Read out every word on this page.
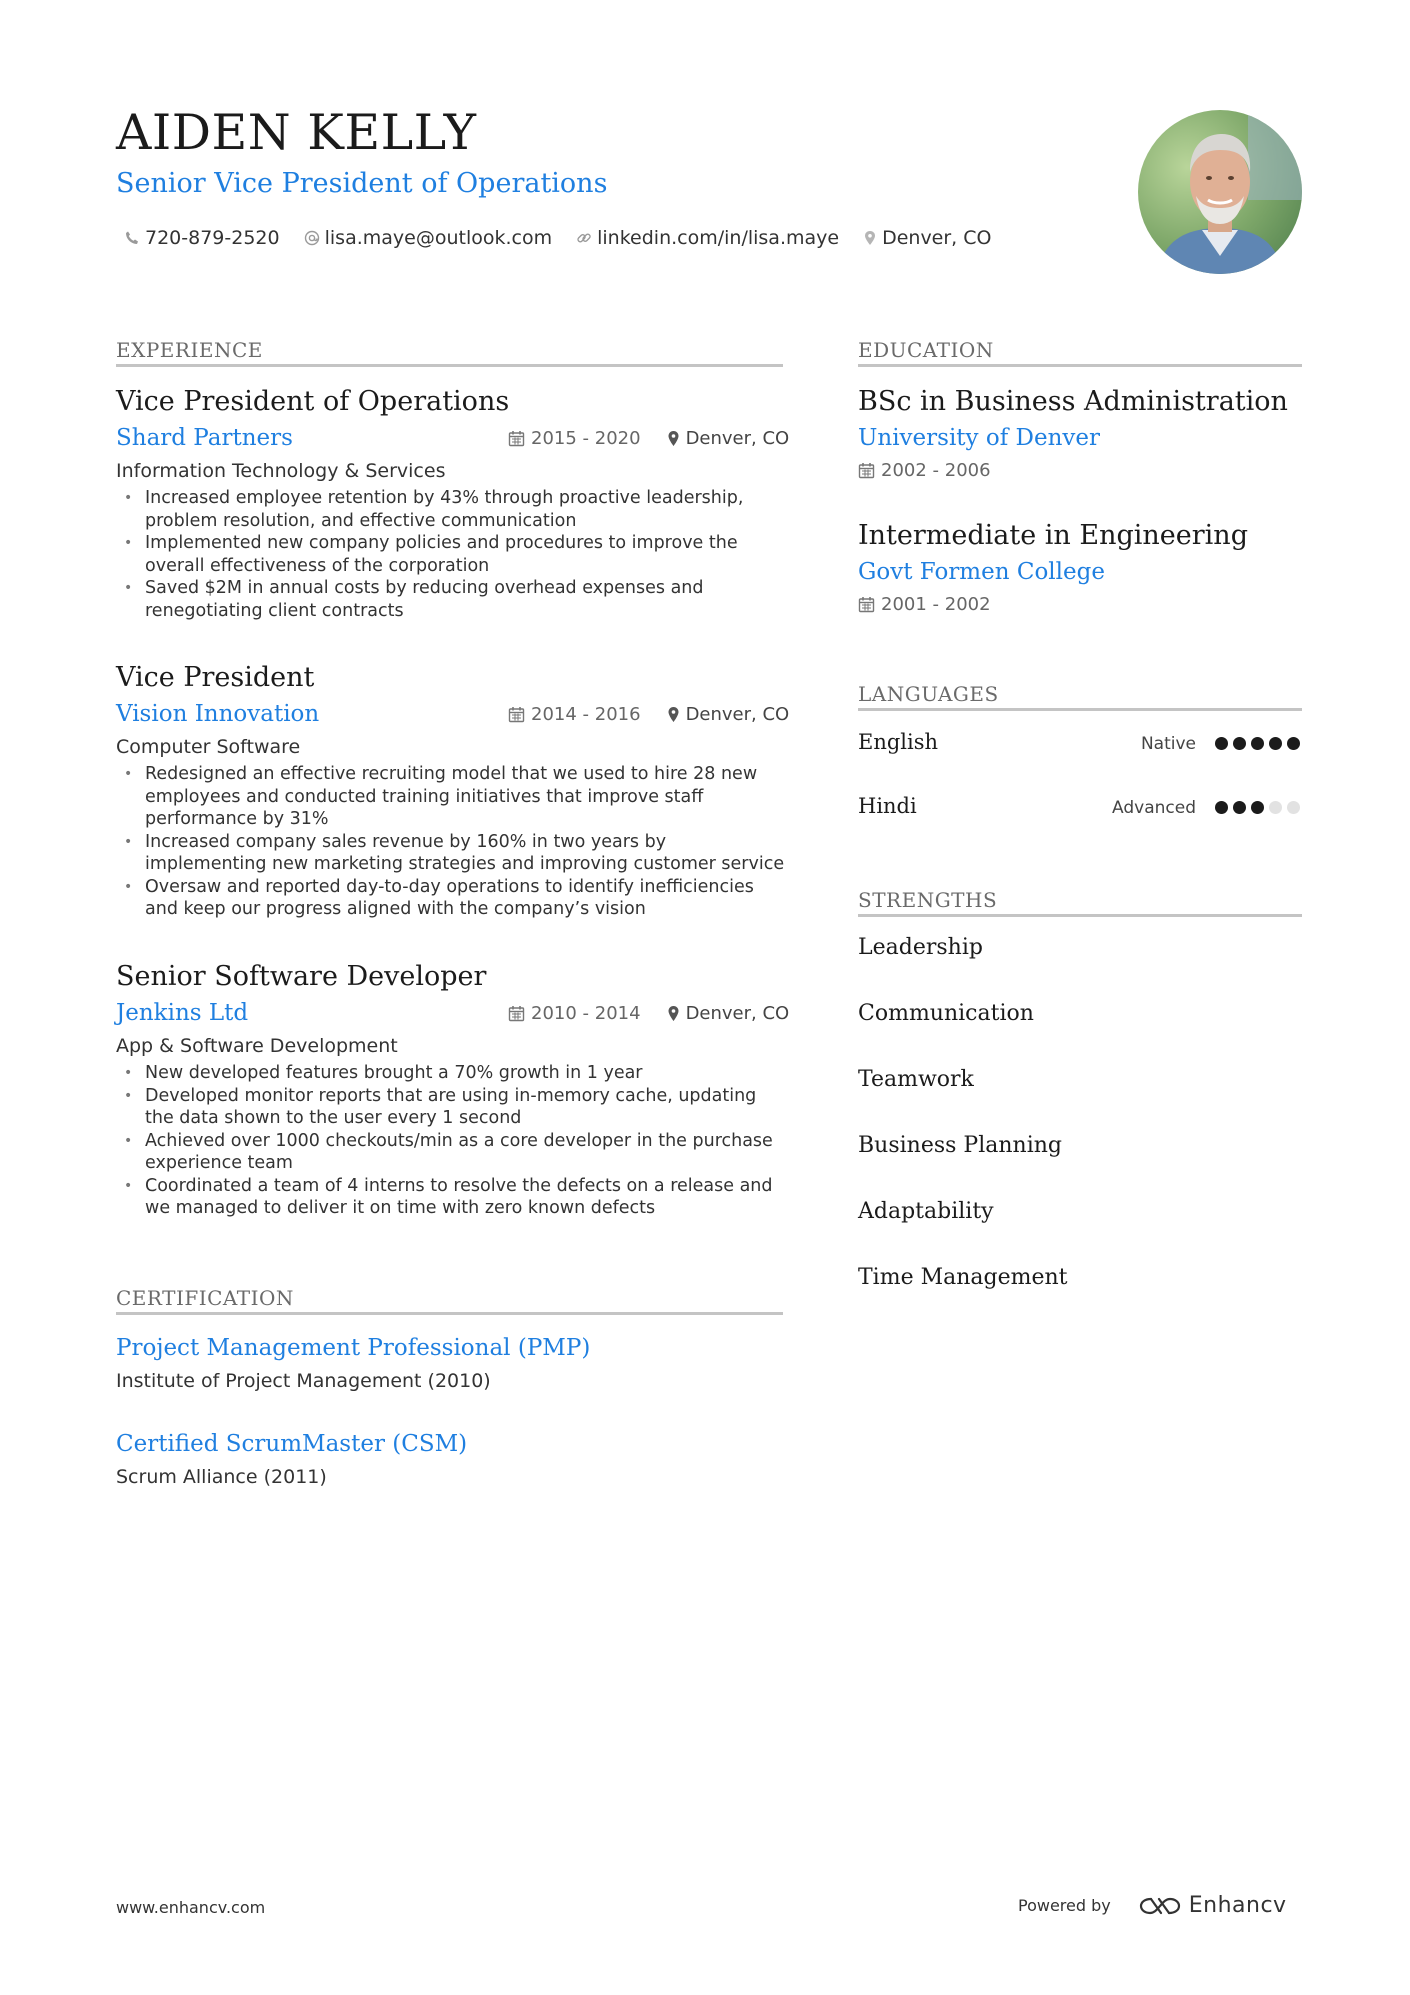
AIDEN KELLY
Senior Vice President of Operations
720-879-2520 lisa.maye@outlook.com linkedin.com/in/lisa.maye Denver, CO
EXPERIENCE
Vice President of Operations
Shard Partners	2015 - 2020	Denver, CO
Information Technology & Services
• Increased employee retention by 43% through proactive leadership, problem resolution, and effective communication
• Implemented new company policies and procedures to improve the overall effectiveness of the corporation
• Saved $2M in annual costs by reducing overhead expenses and renegotiating client contracts
Vice President
Vision Innovation	2014 - 2016	Denver, CO
Computer Software
• Redesigned an effective recruiting model that we used to hire 28 new employees and conducted training initiatives that improve staff performance by 31%
• Increased company sales revenue by 160% in two years by implementing new marketing strategies and improving customer service
• Oversaw and reported day-to-day operations to identify inefficiencies and keep our progress aligned with the company’s vision
Senior Software Developer
Jenkins Ltd	2010 - 2014	Denver, CO
App & Software Development
• New developed features brought a 70% growth in 1 year
• Developed monitor reports that are using in-memory cache, updating the data shown to the user every 1 second
• Achieved over 1000 checkouts/min as a core developer in the purchase experience team
• Coordinated a team of 4 interns to resolve the defects on a release and we managed to deliver it on time with zero known defects
CERTIFICATION
Project Management Professional (PMP)
Institute of Project Management (2010)
Certified ScrumMaster (CSM)
Scrum Alliance (2011)
EDUCATION
BSc in Business Administration
University of Denver
2002 - 2006
Intermediate in Engineering
Govt Formen College
2001 - 2002
LANGUAGES
English	Native
Hindi	Advanced
STRENGTHS
Leadership
Communication
Teamwork
Business Planning
Adaptability
Time Management
www.enhancv.com	Powered by	Enhancv
